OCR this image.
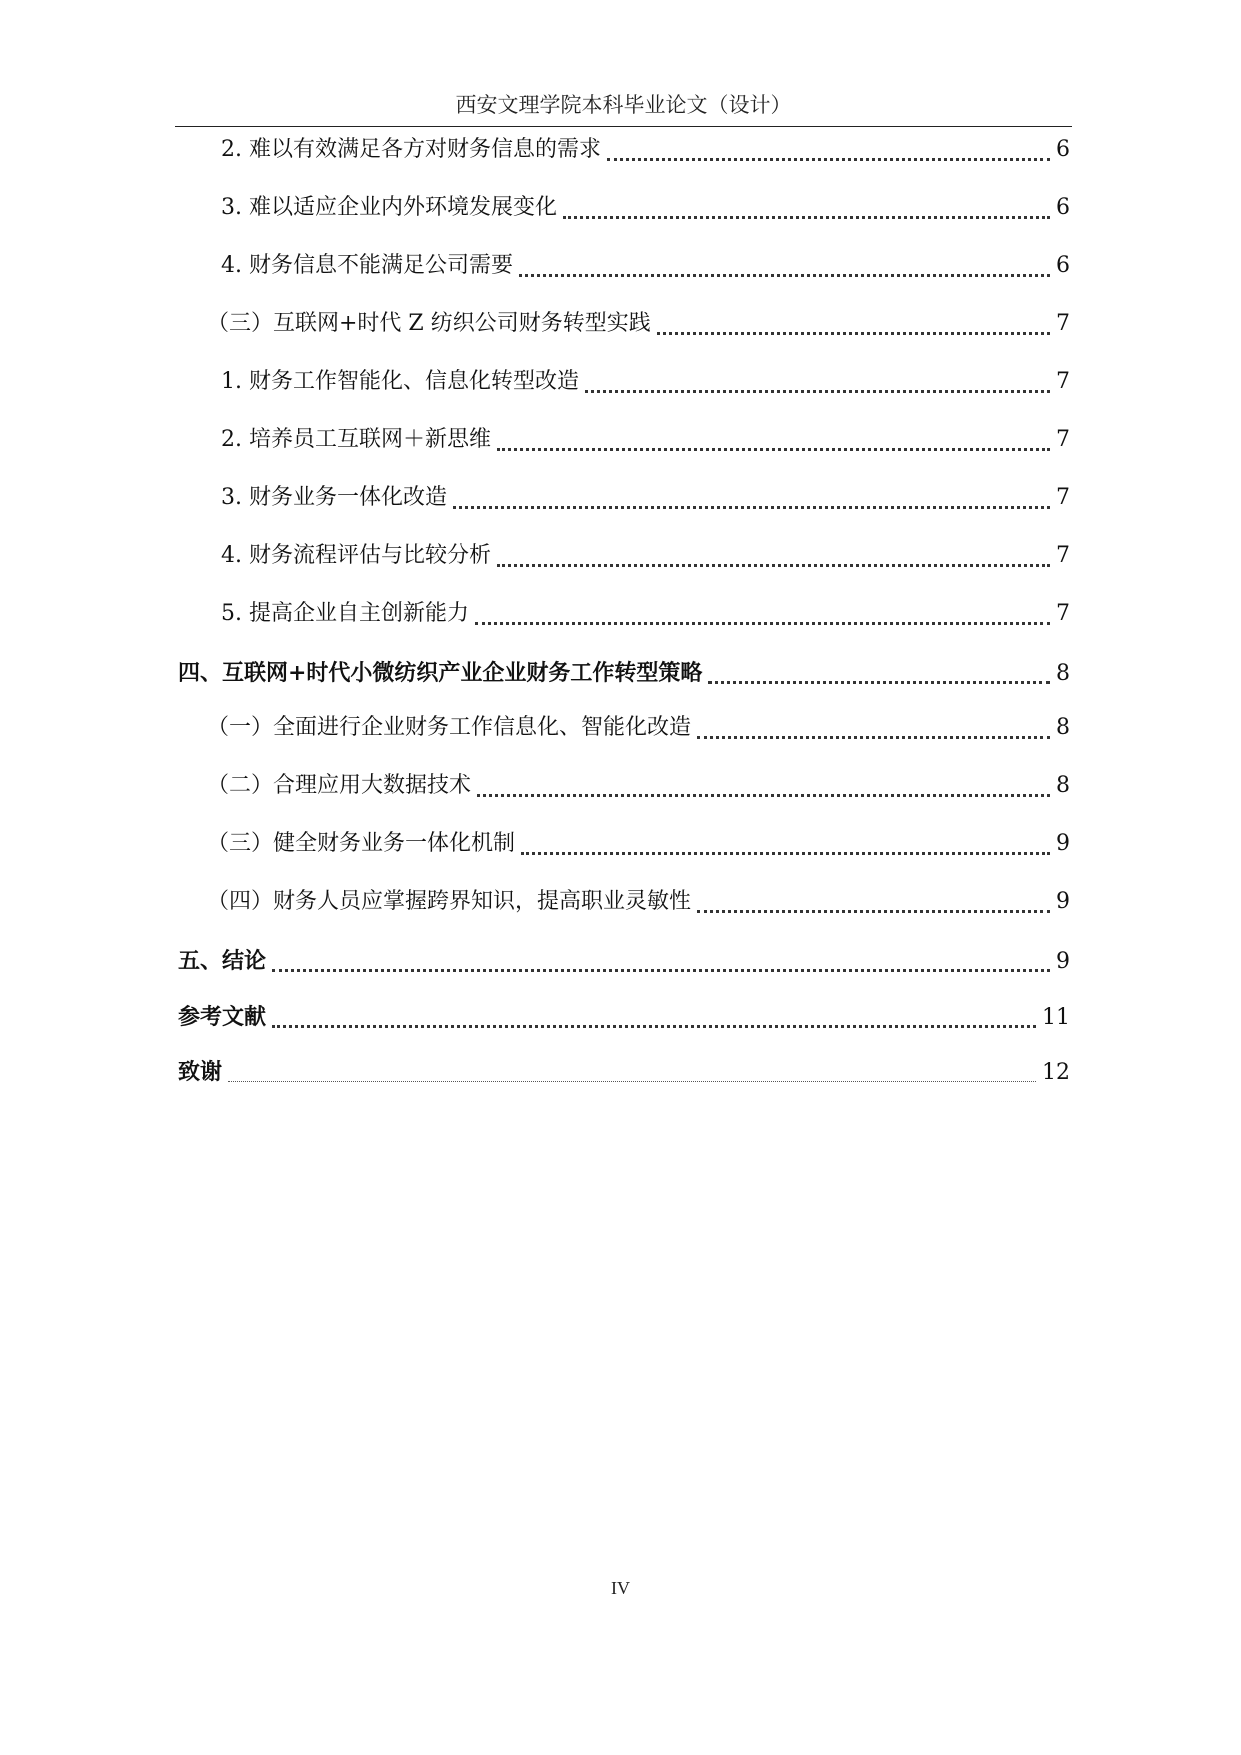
西安文理学院本科毕业论文（设计）
2. 难以有效满足各方对财务信息的需求	6
3. 难以适应企业内外环境发展变化	6
4. 财务信息不能满足公司需要	6
（三）互联网+时代 Z 纺织公司财务转型实践	7
1. 财务工作智能化、信息化转型改造	7
2. 培养员工互联网＋新思维	7
3. 财务业务一体化改造	7
4. 财务流程评估与比较分析	7
5. 提高企业自主创新能力	7
四、互联网+时代小微纺织产业企业财务工作转型策略	8
（一）全面进行企业财务工作信息化、智能化改造	8
（二）合理应用大数据技术	8
（三）健全财务业务一体化机制	9
（四）财务人员应掌握跨界知识，提高职业灵敏性	9
五、结论	9
参考文献	11
致谢	12
IV
